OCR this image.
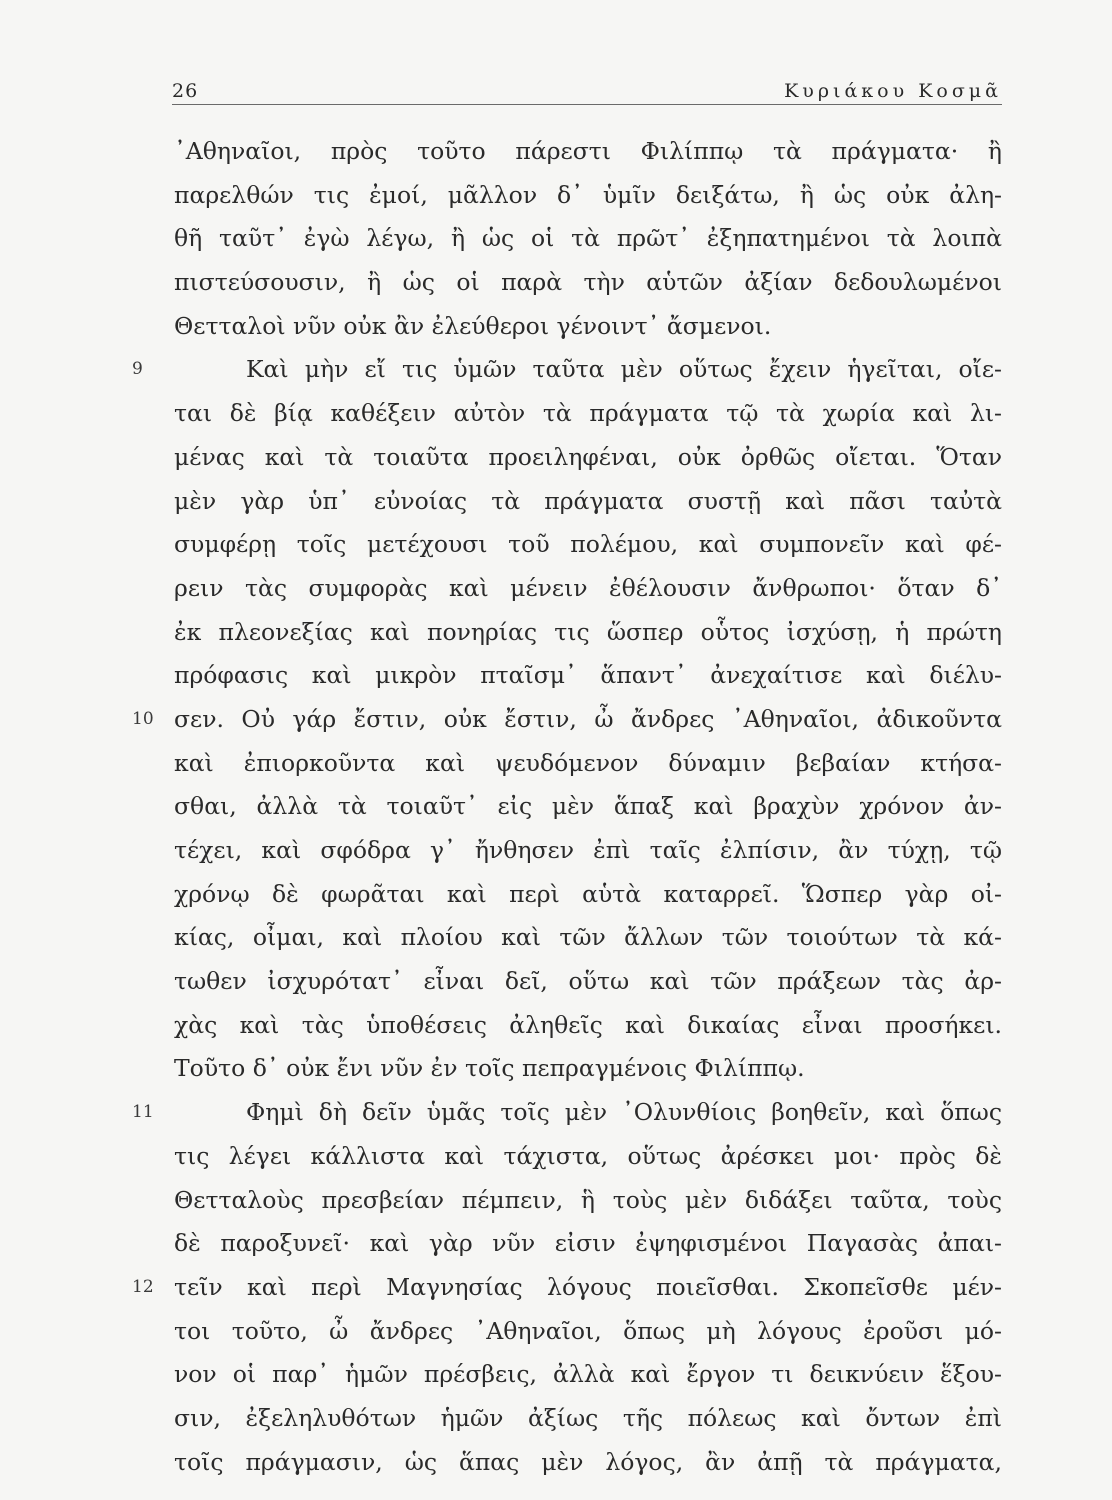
26	Κυριάκου Κοσμᾶ
᾽Αθηναῖοι, πρὸς τοῦτο πάρεστι Φιλίππῳ τὰ πράγματα· ἢ
παρελθών τις ἐμοί, μᾶλλον δ᾽ ὑμῖν δειξάτω, ἢ ὡς οὐκ ἀλη-
θῆ ταῦτ᾽ ἐγὼ λέγω, ἢ ὡς οἱ τὰ πρῶτ᾽ ἐξηπατημένοι τὰ λοιπὰ
πιστεύσουσιν, ἢ ὡς οἱ παρὰ τὴν αὑτῶν ἀξίαν δεδουλωμένοι
Θετταλοὶ νῦν οὐκ ἂν ἐλεύθεροι γένοιντ᾽ ἄσμενοι.
9	Καὶ μὴν εἴ τις ὑμῶν ταῦτα μὲν οὕτως ἔχειν ἡγεῖται, οἴε-
ται δὲ βίᾳ καθέξειν αὐτὸν τὰ πράγματα τῷ τὰ χωρία καὶ λι-
μένας καὶ τὰ τοιαῦτα προειληφέναι, οὐκ ὀρθῶς οἴεται. Ὅταν
μὲν γὰρ ὑπ᾽ εὐνοίας τὰ πράγματα συστῇ καὶ πᾶσι ταὐτὰ
συμφέρῃ τοῖς μετέχουσι τοῦ πολέμου, καὶ συμπονεῖν καὶ φέ-
ρειν τὰς συμφορὰς καὶ μένειν ἐθέλουσιν ἄνθρωποι· ὅταν δ᾽
ἐκ πλεονεξίας καὶ πονηρίας τις ὥσπερ οὗτος ἰσχύσῃ, ἡ πρώτη
πρόφασις καὶ μικρὸν πταῖσμ᾽ ἅπαντ᾽ ἀνεχαίτισε καὶ διέλυ-
10 σεν. Οὐ γάρ ἔστιν, οὐκ ἔστιν, ὦ ἄνδρες ᾽Αθηναῖοι, ἀδικοῦντα
καὶ ἐπιορκοῦντα καὶ ψευδόμενον δύναμιν βεβαίαν κτήσα-
σθαι, ἀλλὰ τὰ τοιαῦτ᾽ εἰς μὲν ἅπαξ καὶ βραχὺν χρόνον ἀν-
τέχει, καὶ σφόδρα γ᾽ ἤνθησεν ἐπὶ ταῖς ἐλπίσιν, ἂν τύχῃ, τῷ
χρόνῳ δὲ φωρᾶται καὶ περὶ αὑτὰ καταρρεῖ. Ὥσπερ γὰρ οἰ-
κίας, οἶμαι, καὶ πλοίου καὶ τῶν ἄλλων τῶν τοιούτων τὰ κά-
τωθεν ἰσχυρότατ᾽ εἶναι δεῖ, οὕτω καὶ τῶν πράξεων τὰς ἀρ-
χὰς καὶ τὰς ὑποθέσεις ἀληθεῖς καὶ δικαίας εἶναι προσήκει.
Τοῦτο δ᾽ οὐκ ἔνι νῦν ἐν τοῖς πεπραγμένοις Φιλίππῳ.
11	Φημὶ δὴ δεῖν ὑμᾶς τοῖς μὲν ᾽Ολυνθίοις βοηθεῖν, καὶ ὅπως
τις λέγει κάλλιστα καὶ τάχιστα, οὕτως ἀρέσκει μοι· πρὸς δὲ
Θετταλοὺς πρεσβείαν πέμπειν, ἣ τοὺς μὲν διδάξει ταῦτα, τοὺς
δὲ παροξυνεῖ· καὶ γὰρ νῦν εἰσιν ἐψηφισμένοι Παγασὰς ἀπαι-
12 τεῖν καὶ περὶ Μαγνησίας λόγους ποιεῖσθαι. Σκοπεῖσθε μέν-
τοι τοῦτο, ὦ ἄνδρες ᾽Αθηναῖοι, ὅπως μὴ λόγους ἐροῦσι μό-
νον οἱ παρ᾽ ἡμῶν πρέσβεις, ἀλλὰ καὶ ἔργον τι δεικνύειν ἕξου-
σιν, ἐξεληλυθότων ἡμῶν ἀξίως τῆς πόλεως καὶ ὄντων ἐπὶ
τοῖς πράγμασιν, ὡς ἅπας μὲν λόγος, ἂν ἀπῇ τὰ πράγματα,
